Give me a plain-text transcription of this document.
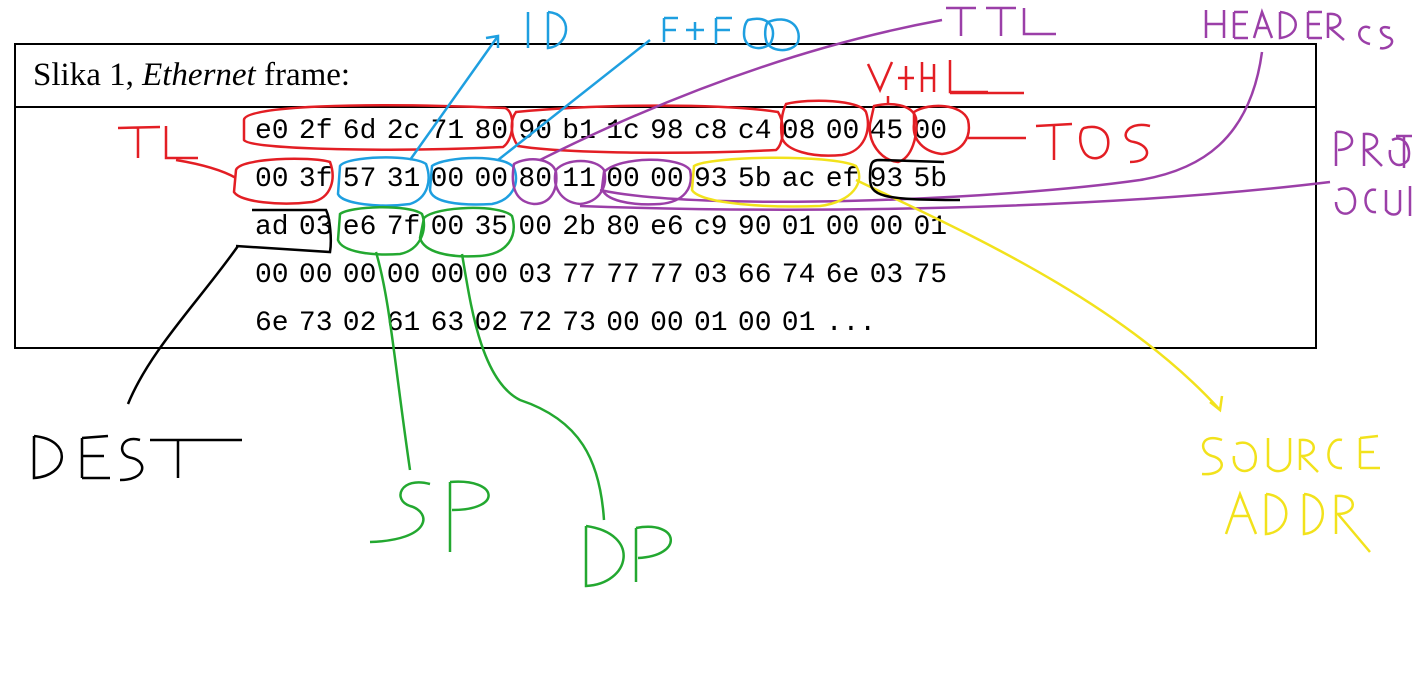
Slika 1, Ethernet frame:
e0 2f 6d 2c 71 80 90 b1 1c 98 c8 c4 08 00 45 00
00 3f 57 31 00 00 80 11 00 00 93 5b ac ef 93 5b
ad 03 e6 7f 00 35 00 2b 80 e6 c9 90 01 00 00 01
00 00 00 00 00 00 03 77 77 77 03 66 74 6e 03 75
6e 73 02 61 63 02 72 73 00 00 01 00 01 ...
